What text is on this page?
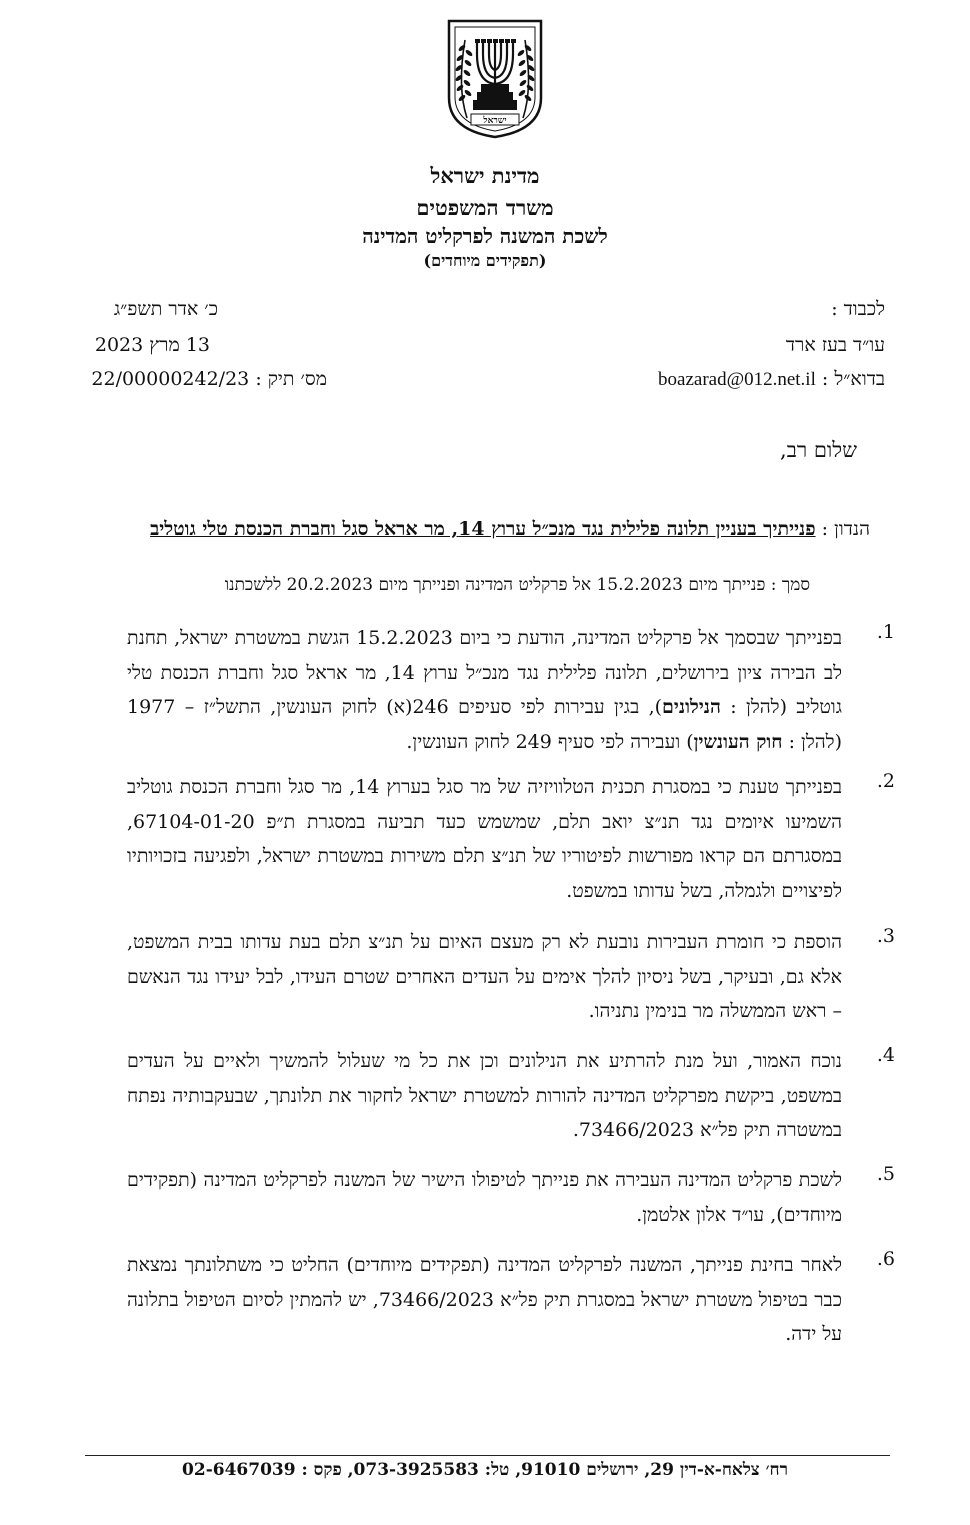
ישראל
מדינת ישראל
משרד המשפטים
לשכת המשנה לפרקליט המדינה
(תפקידים מיוחדים)
לכבוד :
עו״ד בעז ארד
בדוא״ל : boazarad@012.net.il
כ׳ אדר תשפ״ג
13 מרץ 2023
מס׳ תיק : 22/00000242/23
שלום רב,
הנדון : פנייתיך בעניין תלונה פלילית נגד מנכ״ל ערוץ 14, מר אראל סגל וחברת הכנסת טלי גוטליב
סמך : פנייתך מיום 15.2.2023 אל פרקליט המדינה ופנייתך מיום 20.2.2023 ללשכתנו
1.
בפנייתך שבסמך אל פרקליט המדינה, הודעת כי ביום 15.2.2023 הגשת במשטרת ישראל, תחנת לב הבירה ציון בירושלים, תלונה פלילית נגד מנכ״ל ערוץ 14, מר אראל סגל וחברת הכנסת טלי גוטליב (להלן : הנילונים), בגין עבירות לפי סעיפים 246(א) לחוק העונשין, התשל״ז – 1977 (להלן : חוק העונשין) ועבירה לפי סעיף 249 לחוק העונשין.
2.
בפנייתך טענת כי במסגרת תכנית הטלוויזיה של מר סגל בערוץ 14, מר סגל וחברת הכנסת גוטליב השמיעו איומים נגד תנ״צ יואב תלם, שמשמש כעד תביעה במסגרת ת״פ 67104-01-20, במסגרתם הם קראו מפורשות לפיטוריו של תנ״צ תלם משירות במשטרת ישראל, ולפגיעה בזכויותיו לפיצויים ולגמלה, בשל עדותו במשפט.
3.
הוספת כי חומרת העבירות נובעת לא רק מעצם האיום על תנ״צ תלם בעת עדותו בבית המשפט, אלא גם, ובעיקר, בשל ניסיון להלך אימים על העדים האחרים שטרם העידו, לבל יעידו נגד הנאשם – ראש הממשלה מר בנימין נתניהו.
4.
נוכח האמור, ועל מנת להרתיע את הנילונים וכן את כל מי שעלול להמשיך ולאיים על העדים במשפט, ביקשת מפרקליט המדינה להורות למשטרת ישראל לחקור את תלונתך, שבעקבותיה נפתח במשטרה תיק פל״א 73466/2023.
5.
לשכת פרקליט המדינה העבירה את פנייתך לטיפולו הישיר של המשנה לפרקליט המדינה (תפקידים מיוחדים), עו״ד אלון אלטמן.
6.
לאחר בחינת פנייתך, המשנה לפרקליט המדינה (תפקידים מיוחדים) החליט כי משתלונתך נמצאת כבר בטיפול משטרת ישראל במסגרת תיק פל״א 73466/2023, יש להמתין לסיום הטיפול בתלונה על ידה.
רח׳ צלאח-א-דין 29, ירושלים 91010, טל: 073-3925583, פקס : 02-6467039
